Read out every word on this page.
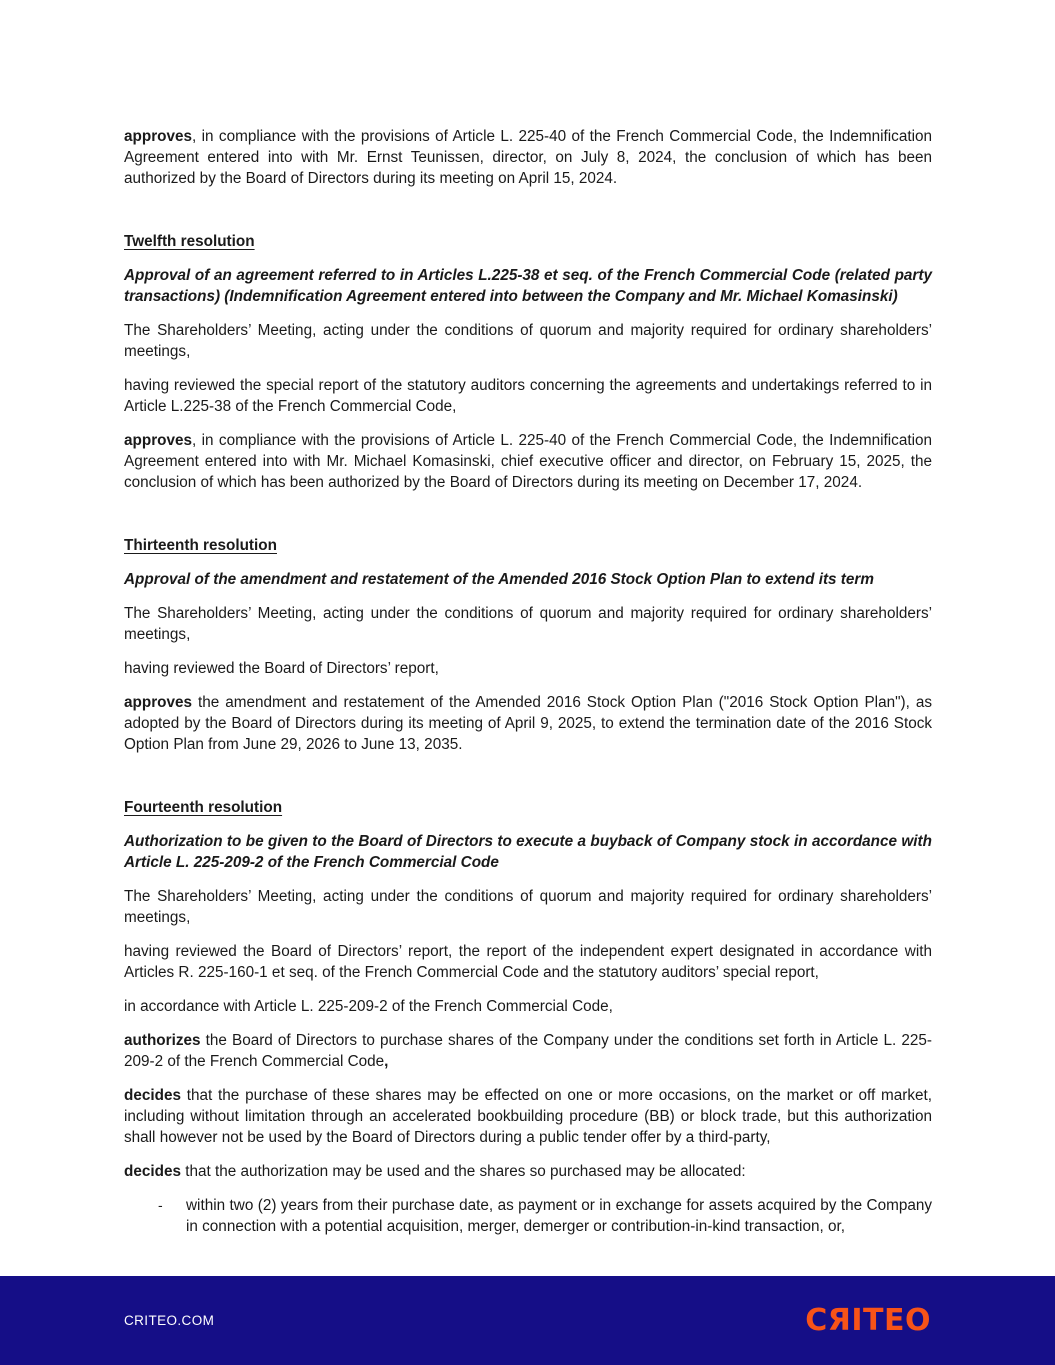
approves, in compliance with the provisions of Article L. 225-40 of the French Commercial Code, the Indemnification Agreement entered into with Mr. Ernst Teunissen, director, on July 8, 2024, the conclusion of which has been authorized by the Board of Directors during its meeting on April 15, 2024.

Twelfth resolution

Approval of an agreement referred to in Articles L.225-38 et seq. of the French Commercial Code (related party transactions) (Indemnification Agreement entered into between the Company and Mr. Michael Komasinski)

The Shareholders’ Meeting, acting under the conditions of quorum and majority required for ordinary shareholders’ meetings,

having reviewed the special report of the statutory auditors concerning the agreements and undertakings referred to in Article L.225-38 of the French Commercial Code,

approves, in compliance with the provisions of Article L. 225-40 of the French Commercial Code, the Indemnification Agreement entered into with Mr. Michael Komasinski, chief executive officer and director, on February 15, 2025, the conclusion of which has been authorized by the Board of Directors during its meeting on December 17, 2024.

Thirteenth resolution

Approval of the amendment and restatement of the Amended 2016 Stock Option Plan to extend its term

The Shareholders’ Meeting, acting under the conditions of quorum and majority required for ordinary shareholders’ meetings,

having reviewed the Board of Directors’ report,

approves the amendment and restatement of the Amended 2016 Stock Option Plan ("2016 Stock Option Plan"), as adopted by the Board of Directors during its meeting of April 9, 2025, to extend the termination date of the 2016 Stock Option Plan from June 29, 2026 to June 13, 2035.

Fourteenth resolution

Authorization to be given to the Board of Directors to execute a buyback of Company stock in accordance with Article L. 225-209-2 of the French Commercial Code

The Shareholders’ Meeting, acting under the conditions of quorum and majority required for ordinary shareholders’ meetings,

having reviewed the Board of Directors’ report, the report of the independent expert designated in accordance with Articles R. 225-160-1 et seq. of the French Commercial Code and the statutory auditors’ special report,

in accordance with Article L. 225-209-2 of the French Commercial Code,

authorizes the Board of Directors to purchase shares of the Company under the conditions set forth in Article L. 225-209-2 of the French Commercial Code,

decides that the purchase of these shares may be effected on one or more occasions, on the market or off market, including without limitation through an accelerated bookbuilding procedure (BB) or block trade, but this authorization shall however not be used by the Board of Directors during a public tender offer by a third-party,

decides that the authorization may be used and the shares so purchased may be allocated:

-	within two (2) years from their purchase date, as payment or in exchange for assets acquired by the Company in connection with a potential acquisition, merger, demerger or contribution-in-kind transaction, or,
CRITEO.COM	CЯITEO
